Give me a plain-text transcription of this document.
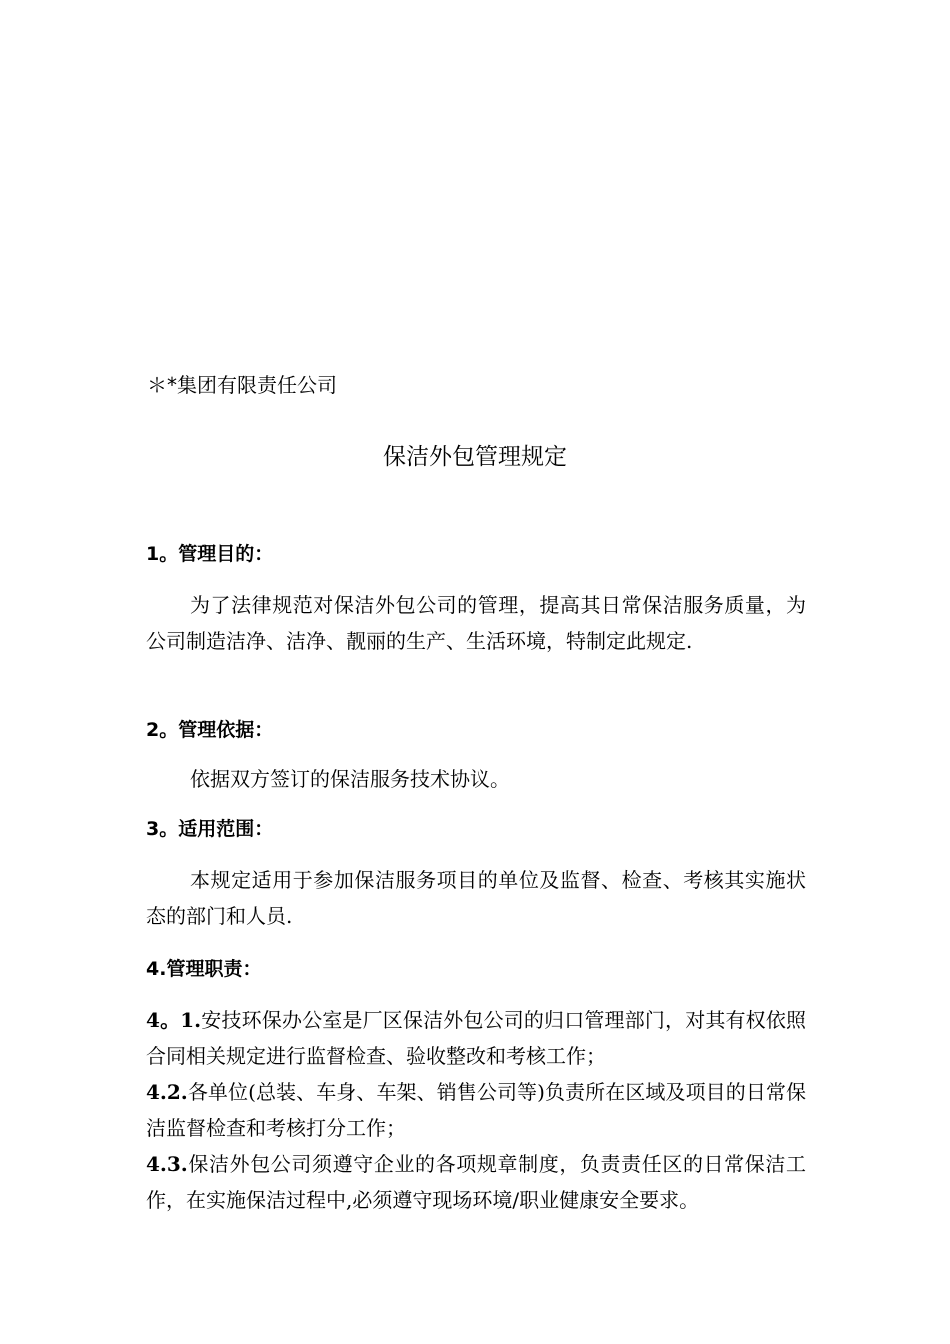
＊*集团有限责任公司
保洁外包管理规定
1。管理目的：
为了法律规范对保洁外包公司的管理，提高其日常保洁服务质量，为公司制造洁净、洁净、靓丽的生产、生活环境，特制定此规定.
2。管理依据：
依据双方签订的保洁服务技术协议。
3。适用范围：
本规定适用于参加保洁服务项目的单位及监督、检查、考核其实施状态的部门和人员.
4.管理职责：
4。1.安技环保办公室是厂区保洁外包公司的归口管理部门，对其有权依照合同相关规定进行监督检查、验收整改和考核工作；
4.2.各单位(总装、车身、车架、销售公司等)负责所在区域及项目的日常保洁监督检查和考核打分工作；
4.3.保洁外包公司须遵守企业的各项规章制度，负责责任区的日常保洁工作，在实施保洁过程中,必须遵守现场环境/职业健康安全要求。
